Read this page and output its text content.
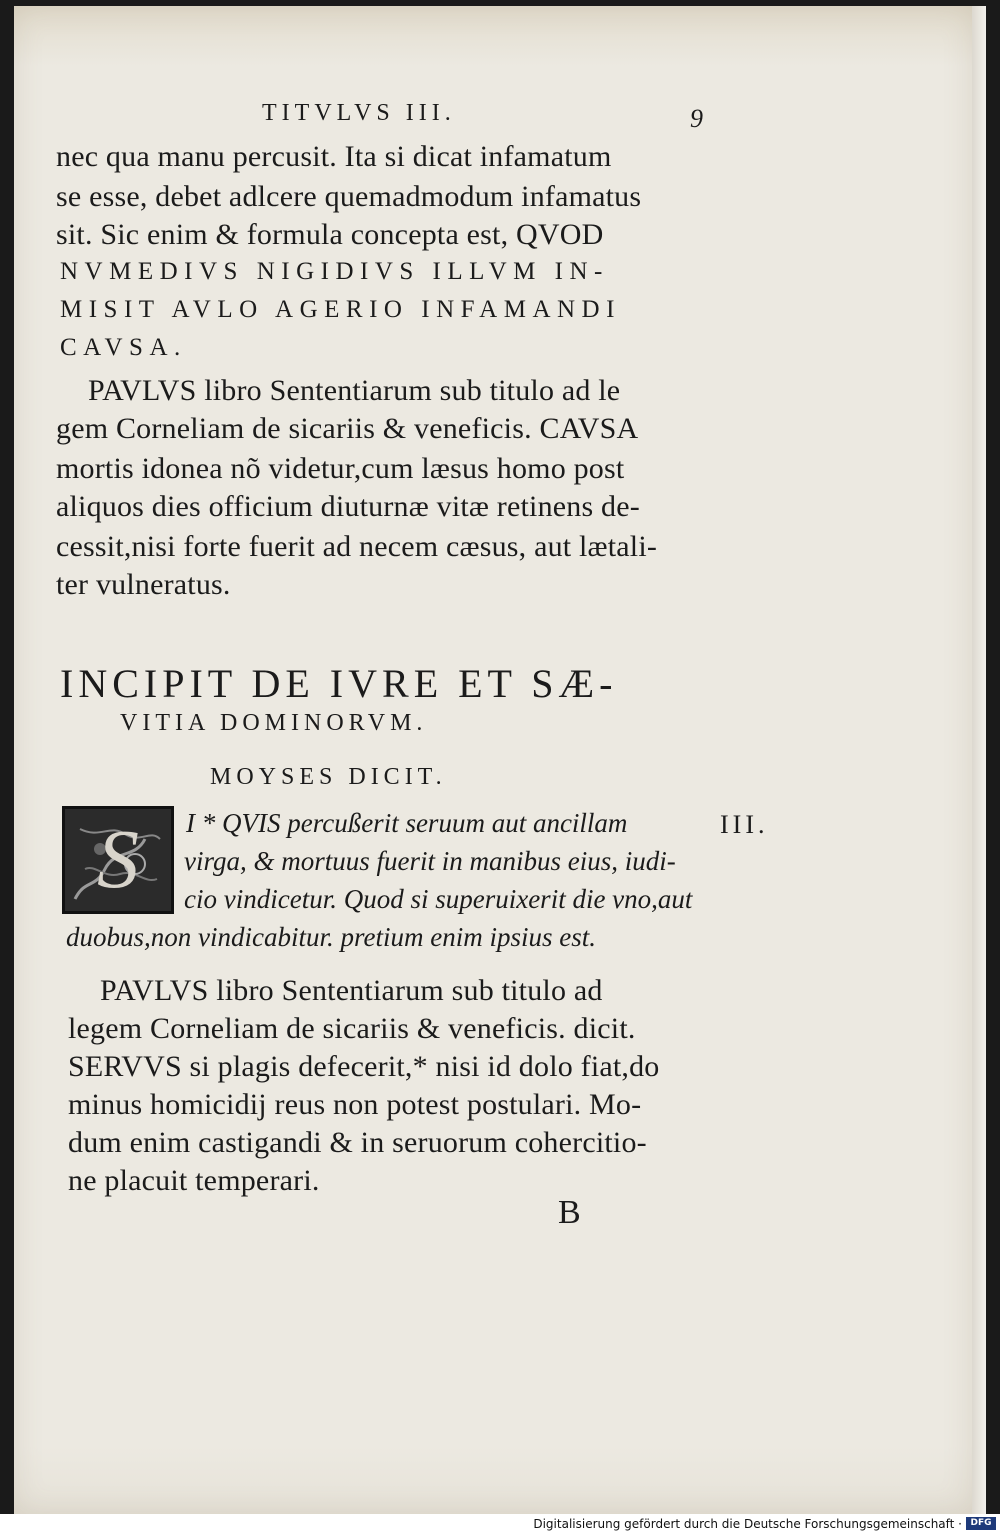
TITVLVS III.	9
nec qua manu percusit. Ita si dicat infamatum
se esse, debet adlcere quemadmodum infamatus
sit. Sic enim & formula concepta est, QVOD
NVMEDIVS NIGIDIVS ILLVM IN-
MISIT AVLO AGERIO INFAMANDI
CAVSA.
PAVLVS libro Sententiarum sub titulo ad le
gem Corneliam de sicariis & veneficis. CAVSA
mortis idonea nõ videtur,cum læsus homo post
aliquos dies officium diuturnæ vitæ retinens de-
cessit,nisi forte fuerit ad necem cæsus, aut lætali-
ter vulneratus.
INCIPIT DE IVRE ET SÆ-
VITIA DOMINORVM.
MOYSES DICIT.
S I * QVIS percußerit seruum aut ancillam	III.
virga, & mortuus fuerit in manibus eius, iudi-
cio vindicetur. Quod si superuixerit die vno,aut
duobus,non vindicabitur. pretium enim ipsius est.
PAVLVS libro Sententiarum sub titulo ad
legem Corneliam de sicariis & veneficis. dicit.
SERVVS si plagis defecerit,* nisi id dolo fiat,do
minus homicidij reus non potest postulari. Mo-
dum enim castigandi & in seruorum cohercitio-
ne placuit temperari.
B
Digitalisierung gefördert durch die Deutsche Forschungsgemeinschaft · DFG
